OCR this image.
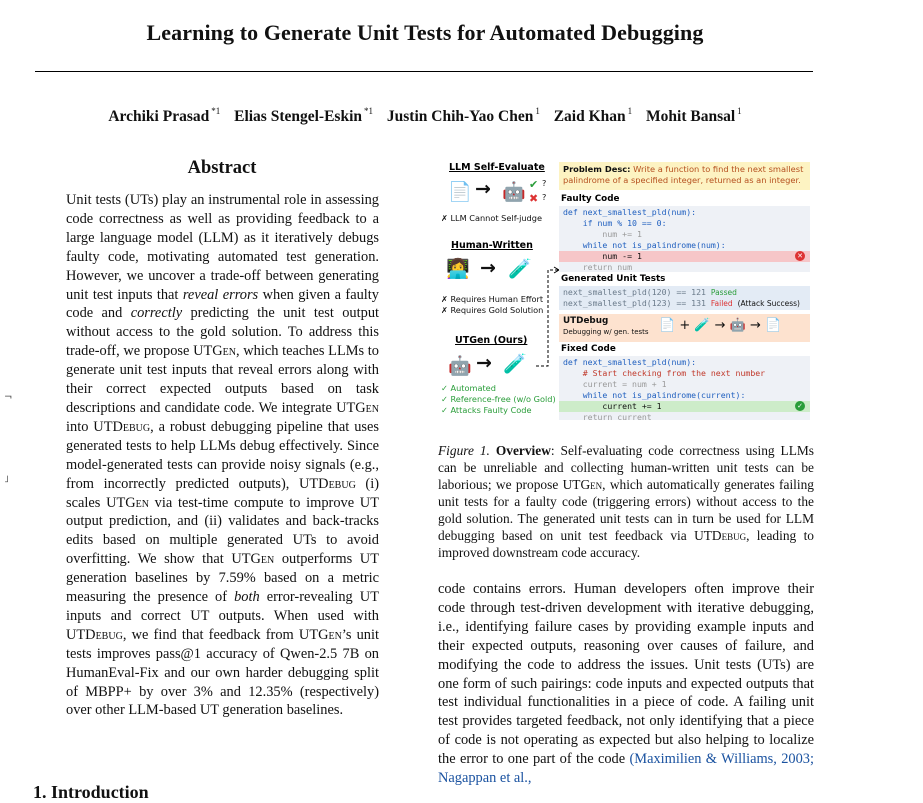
Learning to Generate Unit Tests for Automated Debugging
Archiki Prasad $^{*1}$ Elias Stengel-Eskin $^{*1}$ Justin Chih-Yao Chen $^1$ Zaid Khan $^1$ Mohit Bansal $^1$
Abstract
Unit tests (UTs) play an instrumental role in assessing code correctness as well as providing feedback to a large language model (LLM) as it iteratively debugs faulty code, motivating automated test generation. However, we uncover a trade-off between generating unit test inputs that reveal errors when given a faulty code and correctly predicting the unit test output without access to the gold solution. To address this trade-off, we propose UTGen, which teaches LLMs to generate unit test inputs that reveal errors along with their correct expected outputs based on task descriptions and candidate code. We integrate UTGen into UTDebug, a robust debugging pipeline that uses generated tests to help LLMs debug effectively. Since model-generated tests can provide noisy signals (e.g., from incorrectly predicted outputs), UTDebug (i) scales UTGen via test-time compute to improve UT output prediction, and (ii) validates and back-tracks edits based on multiple generated UTs to avoid overfitting. We show that UTGen outperforms UT generation baselines by 7.59% based on a metric measuring the presence of both error-revealing UT inputs and correct UT outputs. When used with UTDebug, we find that feedback from UTGen’s unit tests improves pass@1 accuracy of Qwen-2.5 7B on HumanEval-Fix and our own harder debugging split of MBPP+ by over 3% and 12.35% (respectively) over other LLM-based UT generation baselines.
¬
˩
1. Introduction
LLM Self-Evaluate
📄 → 🤖 ✔ ?
✖ ?
✗ LLM Cannot Self-judge
Human-Written
👩‍💻 → 🧪
✗ Requires Human Effort
✗ Requires Gold Solution
UTGen (Ours)
🤖 → 🧪
✓ Automated
✓ Reference-free (w/o Gold)
✓ Attacks Faulty Code
Problem Desc: Write a function to find the next smallest palindrome of a specified integer, returned as an integer.
Faulty Code
def next_smallest_pld(num):
if num % 10 == 0:
num += 1
while not is_palindrome(num):
num -= 1	✕
return num
Generated Unit Tests
next_smallest_pld(120) == 121 Passed
next_smallest_pld(123) == 131 Failed (Attack Success)
UTDebug
Debugging w/ gen. tests 📄 + 🧪 → 🤖 → 📄
Fixed Code
def next_smallest_pld(num):
# Start checking from the next number
current = num + 1
while not is_palindrome(current):
current += 1	✓
return current
Figure 1. Overview: Self-evaluating code correctness using LLMs can be unreliable and collecting human-written unit tests can be laborious; we propose UTGen, which automatically generates failing unit tests for a faulty code (triggering errors) without access to the gold solution. The generated unit tests can in turn be used for LLM debugging based on unit test feedback via UTDebug, leading to improved downstream code accuracy.
code contains errors. Human developers often improve their code through test-driven development with iterative debugging, i.e., identifying failure cases by providing example inputs and their expected outputs, reasoning over causes of failure, and modifying the code to address the issues. Unit tests (UTs) are one form of such pairings: code inputs and expected outputs that test individual functionalities in a piece of code. A failing unit test provides targeted feedback, not only identifying that a piece of code is not operating as expected but also helping to localize the error to one part of the code (Maximilien & Williams, 2003; Nagappan et al.,
